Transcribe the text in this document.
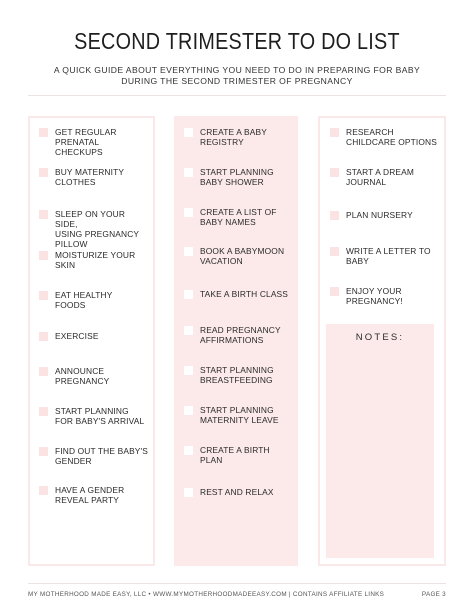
SECOND TRIMESTER TO DO LIST
A QUICK GUIDE ABOUT EVERYTHING YOU NEED TO DO IN PREPARING FOR BABY
DURING THE SECOND TRIMESTER OF PREGNANCY
GET REGULAR
PRENATAL CHECKUPS
BUY MATERNITY
CLOTHES
SLEEP ON YOUR SIDE,
USING PREGNANCY
PILLOW
MOISTURIZE YOUR
SKIN
EAT HEALTHY
FOODS
EXERCISE
ANNOUNCE
PREGNANCY
START PLANNING
FOR BABY'S ARRIVAL
FIND OUT THE BABY'S
GENDER
HAVE A GENDER
REVEAL PARTY
CREATE A BABY
REGISTRY
START PLANNING
BABY SHOWER
CREATE A LIST OF
BABY NAMES
BOOK A BABYMOON
VACATION
TAKE A BIRTH CLASS
READ PREGNANCY
AFFIRMATIONS
START PLANNING
BREASTFEEDING
START PLANNING
MATERNITY LEAVE
CREATE A BIRTH
PLAN
REST AND RELAX
RESEARCH
CHILDCARE OPTIONS
START A DREAM
JOURNAL
PLAN NURSERY
WRITE A LETTER TO
BABY
ENJOY YOUR
PREGNANCY!
NOTES:
MY MOTHERHOOD MADE EASY, LLC • WWW.MYMOTHERHOODMADEEASY.COM | CONTAINS AFFILIATE LINKS	PAGE 3
